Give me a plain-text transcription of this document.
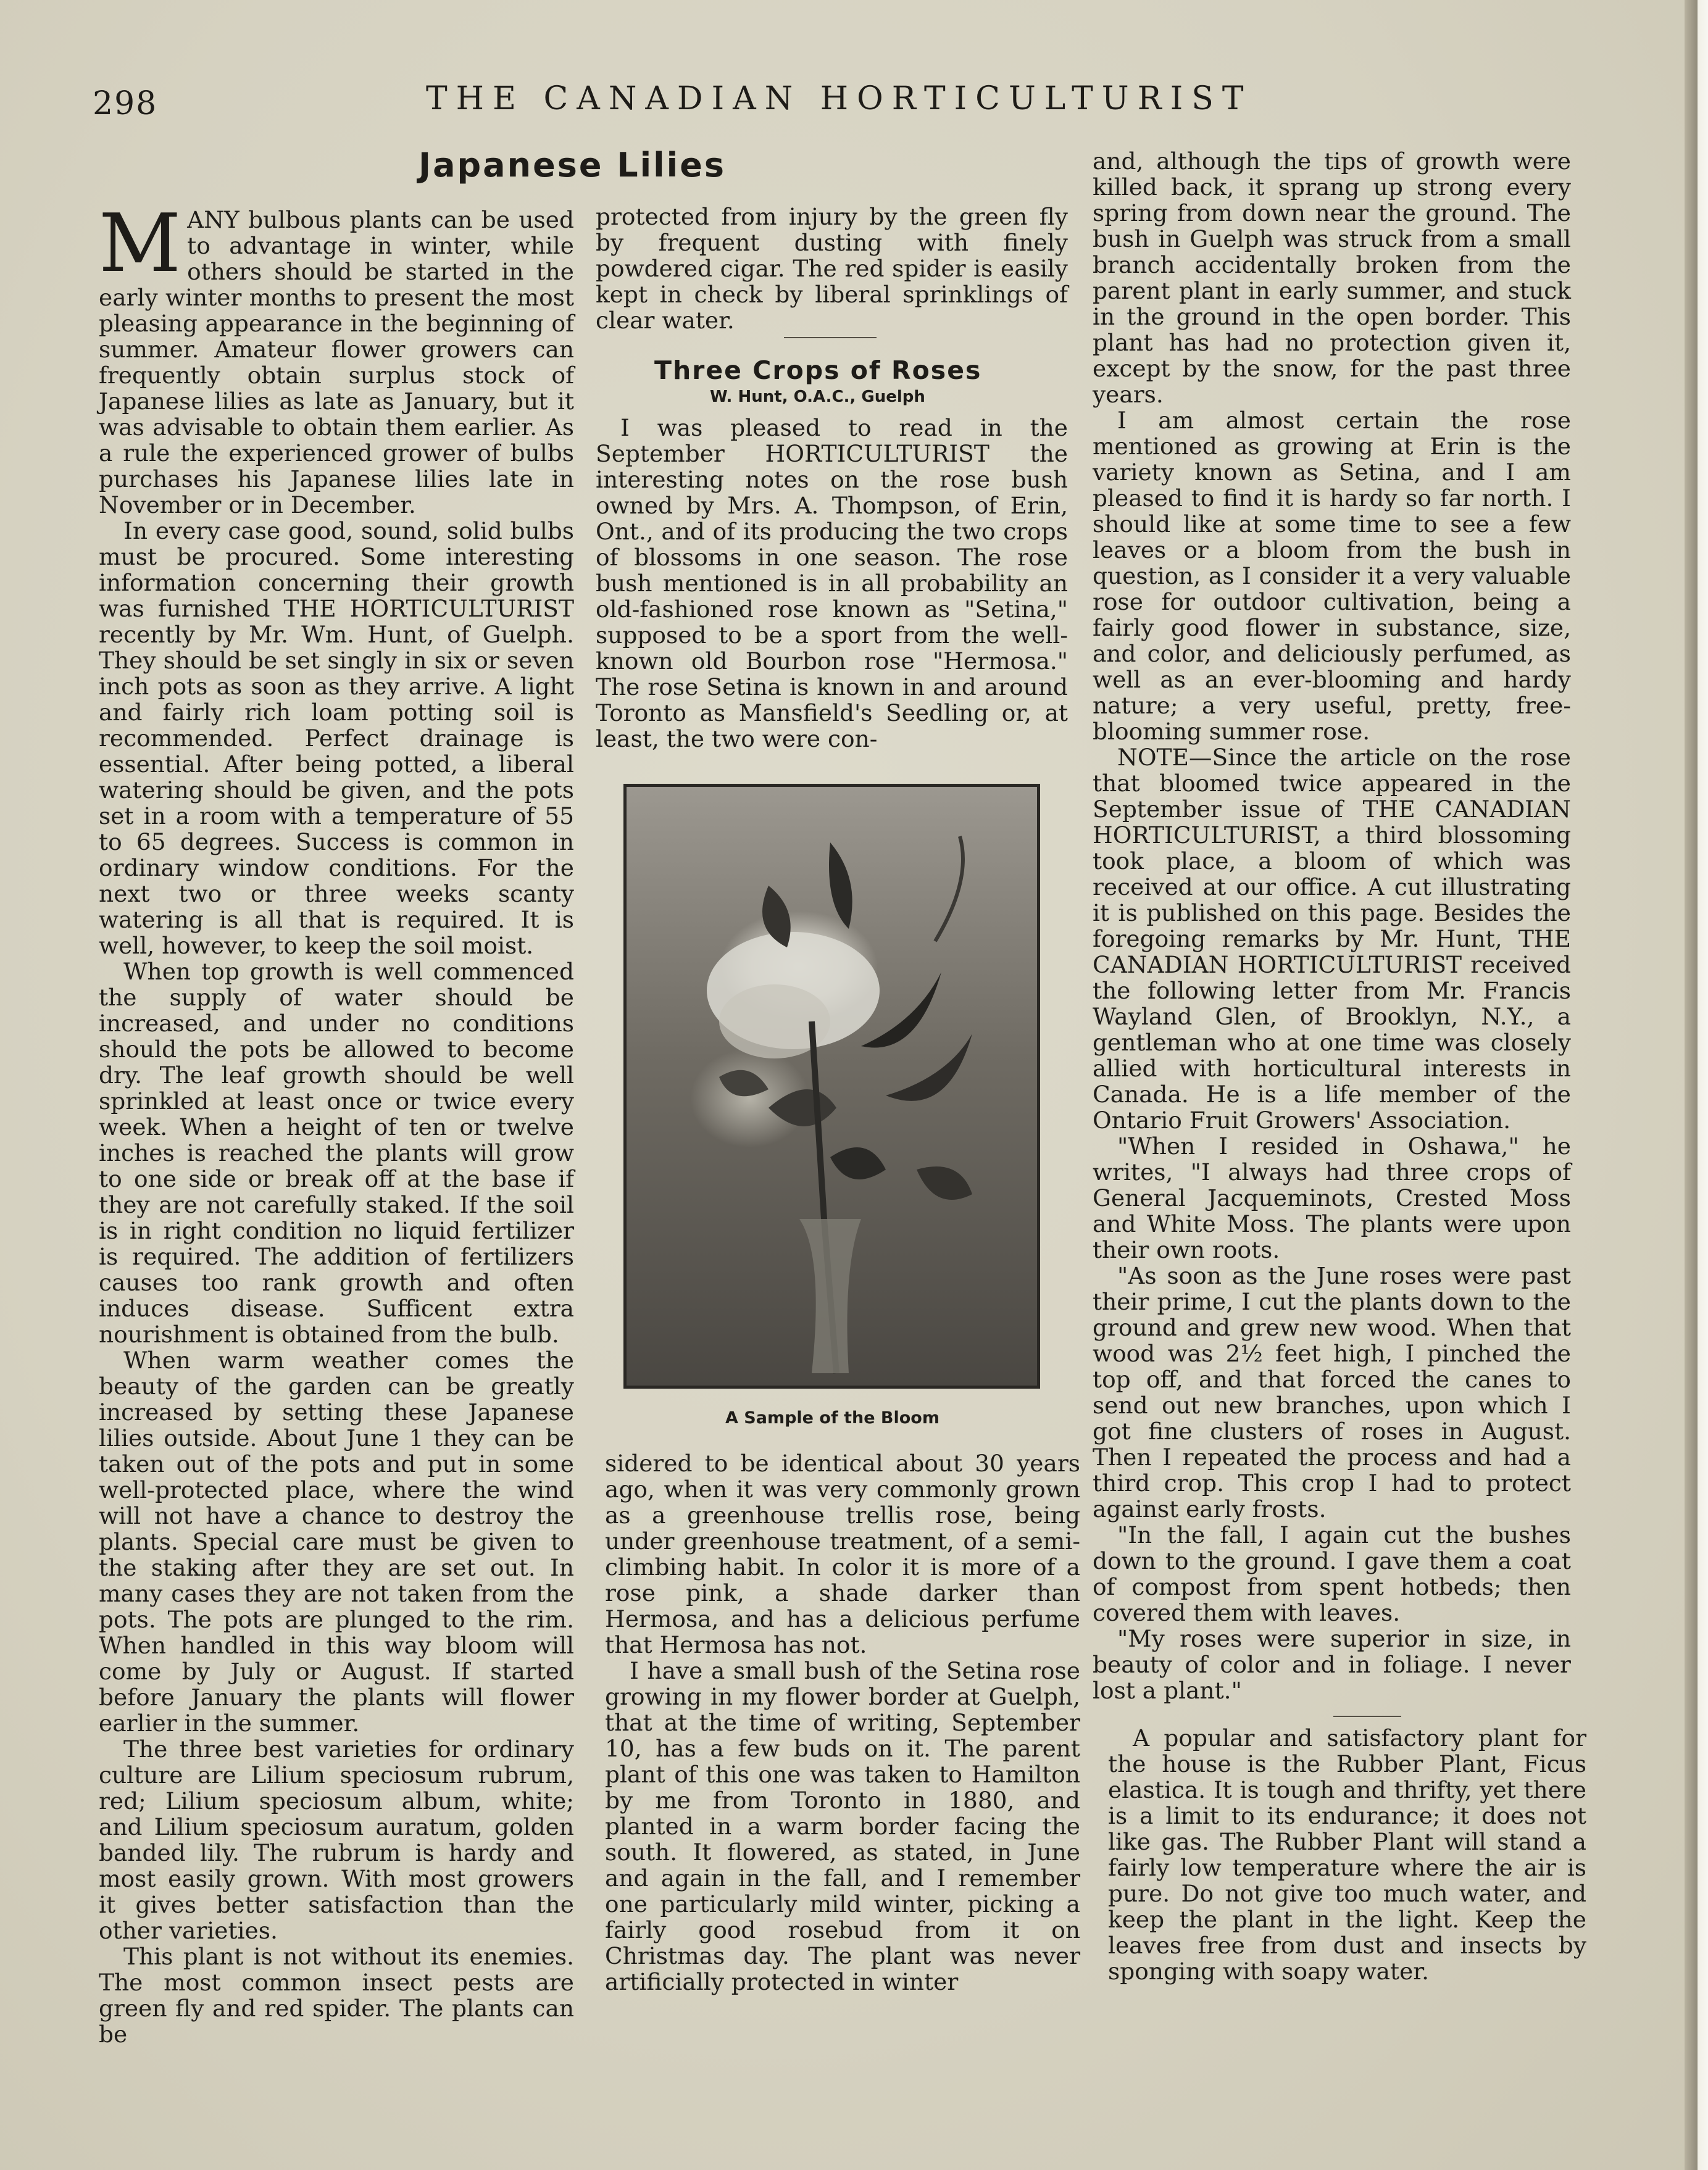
298	THE CANADIAN HORTICULTURIST
Japanese Lilies

MANY bulbous plants can be used to advantage in winter, while others should be started in the early winter months to present the most pleasing appearance in the beginning of summer. Amateur flower growers can frequently obtain surplus stock of Japanese lilies as late as January, but it was advisable to obtain them earlier. As a rule the experienced grower of bulbs purchases his Japanese lilies late in November or in December.

In every case good, sound, solid bulbs must be procured. Some interesting information concerning their growth was furnished THE HORTICULTURIST recently by Mr. Wm. Hunt, of Guelph. They should be set singly in six or seven inch pots as soon as they arrive. A light and fairly rich loam potting soil is recommended. Perfect drainage is essential. After being potted, a liberal watering should be given, and the pots set in a room with a temperature of 55 to 65 degrees. Success is common in ordinary window conditions. For the next two or three weeks scanty watering is all that is required. It is well, however, to keep the soil moist.

When top growth is well commenced the supply of water should be increased, and under no conditions should the pots be allowed to become dry. The leaf growth should be well sprinkled at least once or twice every week. When a height of ten or twelve inches is reached the plants will grow to one side or break off at the base if they are not carefully staked. If the soil is in right condition no liquid fertilizer is required. The addition of fertilizers causes too rank growth and often induces disease. Sufficent extra nourishment is obtained from the bulb.

When warm weather comes the beauty of the garden can be greatly increased by setting these Japanese lilies outside. About June 1 they can be taken out of the pots and put in some well-protected place, where the wind will not have a chance to destroy the plants. Special care must be given to the staking after they are set out. In many cases they are not taken from the pots. The pots are plunged to the rim. When handled in this way bloom will come by July or August. If started before January the plants will flower earlier in the summer.

The three best varieties for ordinary culture are Lilium speciosum rubrum, red; Lilium speciosum album, white; and Lilium speciosum auratum, golden banded lily. The rubrum is hardy and most easily grown. With most growers it gives better satisfaction than the other varieties.

This plant is not without its enemies. The most common insect pests are green fly and red spider. The plants can be

protected from injury by the green fly by frequent dusting with finely powdered cigar. The red spider is easily kept in check by liberal sprinklings of clear water.

Three Crops of Roses
W. Hunt, O.A.C., Guelph

I was pleased to read in the September HORTICULTURIST the interesting notes on the rose bush owned by Mrs. A. Thompson, of Erin, Ont., and of its producing the two crops of blossoms in one season. The rose bush mentioned is in all probability an old-fashioned rose known as "Setina," supposed to be a sport from the well-known old Bourbon rose "Hermosa." The rose Setina is known in and around Toronto as Mansfield's Seedling or, at least, the two were con-

A Sample of the Bloom

sidered to be identical about 30 years ago, when it was very commonly grown as a greenhouse trellis rose, being under greenhouse treatment, of a semi-climbing habit. In color it is more of a rose pink, a shade darker than Hermosa, and has a delicious perfume that Hermosa has not.

I have a small bush of the Setina rose growing in my flower border at Guelph, that at the time of writing, September 10, has a few buds on it. The parent plant of this one was taken to Hamilton by me from Toronto in 1880, and planted in a warm border facing the south. It flowered, as stated, in June and again in the fall, and I remember one particularly mild winter, picking a fairly good rosebud from it on Christmas day. The plant was never artificially protected in winter

and, although the tips of growth were killed back, it sprang up strong every spring from down near the ground. The bush in Guelph was struck from a small branch accidentally broken from the parent plant in early summer, and stuck in the ground in the open border. This plant has had no protection given it, except by the snow, for the past three years.

I am almost certain the rose mentioned as growing at Erin is the variety known as Setina, and I am pleased to find it is hardy so far north. I should like at some time to see a few leaves or a bloom from the bush in question, as I consider it a very valuable rose for outdoor cultivation, being a fairly good flower in substance, size, and color, and deliciously perfumed, as well as an ever-blooming and hardy nature; a very useful, pretty, free-blooming summer rose.

NOTE—Since the article on the rose that bloomed twice appeared in the September issue of THE CANADIAN HORTICULTURIST, a third blossoming took place, a bloom of which was received at our office. A cut illustrating it is published on this page. Besides the foregoing remarks by Mr. Hunt, THE CANADIAN HORTICULTURIST received the following letter from Mr. Francis Wayland Glen, of Brooklyn, N.Y., a gentleman who at one time was closely allied with horticultural interests in Canada. He is a life member of the Ontario Fruit Growers' Association.

"When I resided in Oshawa," he writes, "I always had three crops of General Jacqueminots, Crested Moss and White Moss. The plants were upon their own roots.

"As soon as the June roses were past their prime, I cut the plants down to the ground and grew new wood. When that wood was 2½ feet high, I pinched the top off, and that forced the canes to send out new branches, upon which I got fine clusters of roses in August. Then I repeated the process and had a third crop. This crop I had to protect against early frosts.

"In the fall, I again cut the bushes down to the ground. I gave them a coat of compost from spent hotbeds; then covered them with leaves.

"My roses were superior in size, in beauty of color and in foliage. I never lost a plant."

A popular and satisfactory plant for the house is the Rubber Plant, Ficus elastica. It is tough and thrifty, yet there is a limit to its endurance; it does not like gas. The Rubber Plant will stand a fairly low temperature where the air is pure. Do not give too much water, and keep the plant in the light. Keep the leaves free from dust and insects by sponging with soapy water.
